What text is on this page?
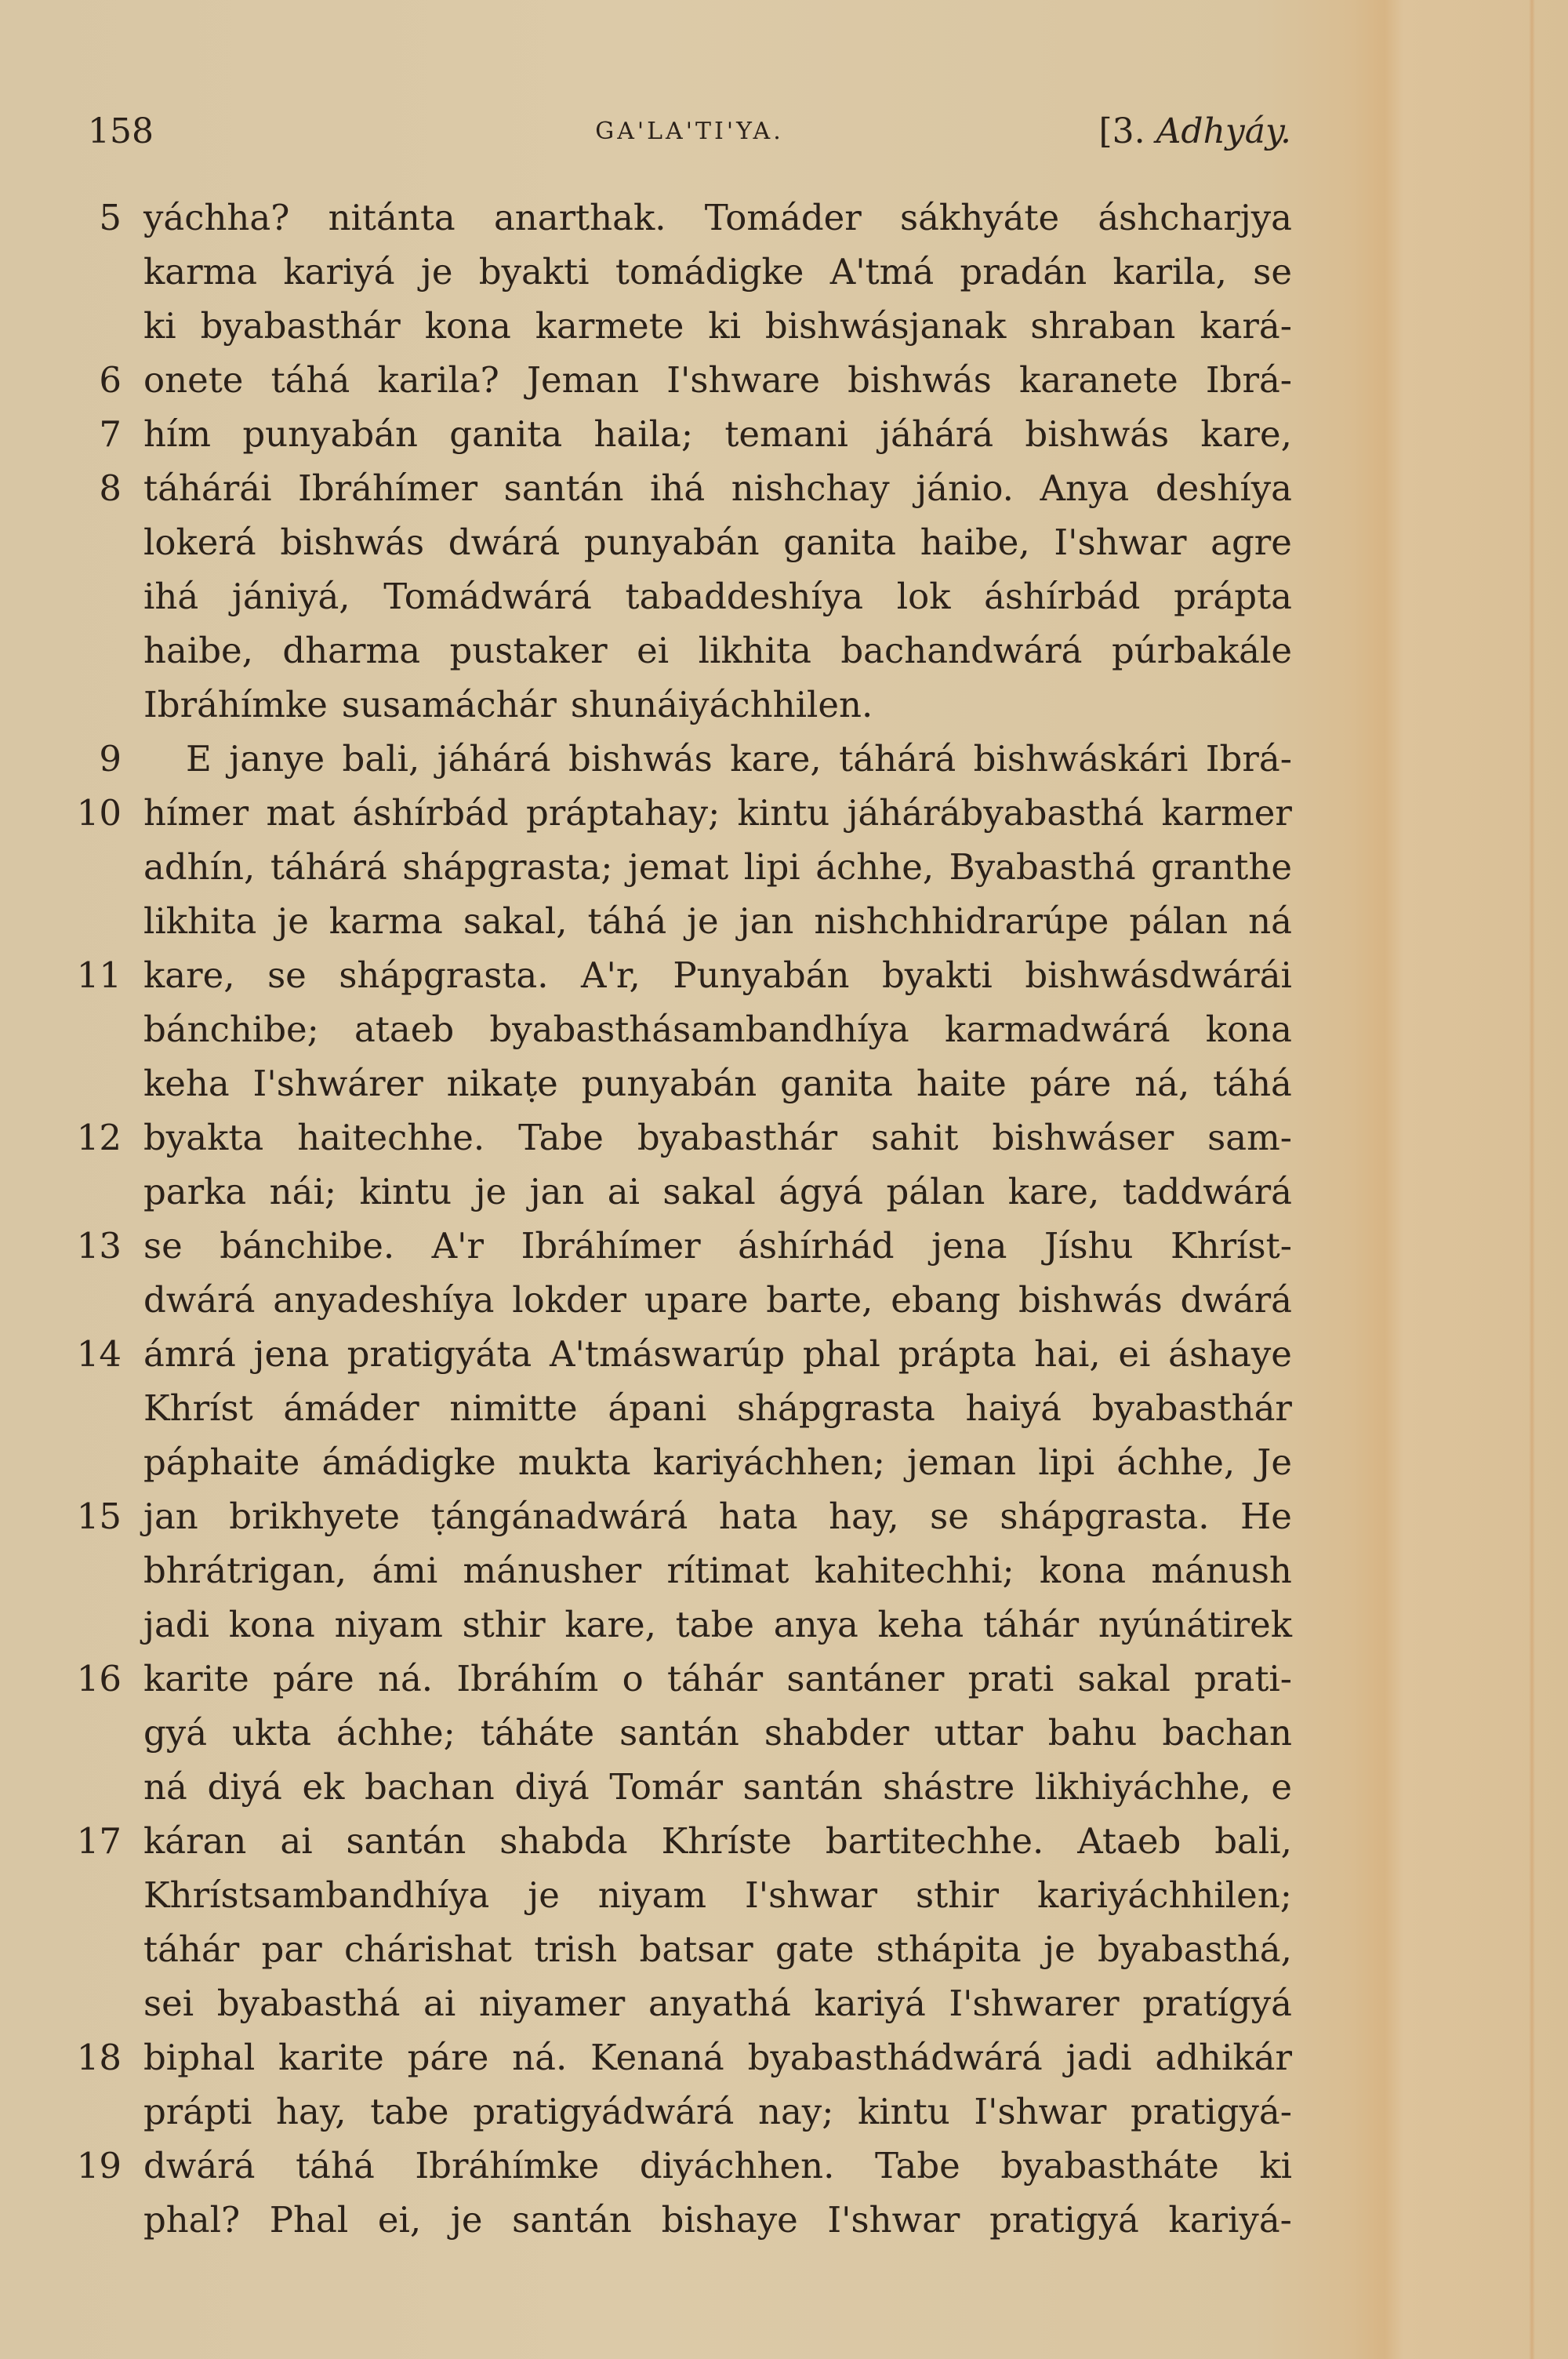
158	GA'LA'TI'YA.	[3. Adhyáy.
5 yáchha? nitánta anarthak. Tomáder sákhyáte áshcharjya
karma kariyá je byakti tomádigke A'tmá pradán karila, se
ki byabasthár kona karmete ki bishwásjanak shraban kará-
6 onete táhá karila? Jeman I'shware bishwás karanete Ibrá-
7 hím punyabán ganita haila; temani jáhárá bishwás kare,
8 táhárái Ibráhímer santán ihá nishchay jánio. Anya deshíya
lokerá bishwás dwárá punyabán ganita haibe, I'shwar agre
ihá jániyá, Tomádwárá tabaddeshíya lok áshírbád prápta
haibe, dharma pustaker ei likhita bachandwárá púrbakále
Ibráhímke susamáchár shunáiyáchhilen.
9 E janye bali, jáhárá bishwás kare, táhárá bishwáskári Ibrá-
10 hímer mat áshírbád práptahay; kintu jáhárábyabasthá karmer
adhín, táhárá shápgrasta; jemat lipi áchhe, Byabasthá granthe
likhita je karma sakal, táhá je jan nishchhidrarúpe pálan ná
11 kare, se shápgrasta. A'r, Punyabán byakti bishwásdwárái
bánchibe; ataeb byabasthásambandhíya karmadwárá kona
keha I'shwárer nikaṭe punyabán ganita haite páre ná, táhá
12 byakta haitechhe. Tabe byabasthár sahit bishwáser sam-
parka nái; kintu je jan ai sakal ágyá pálan kare, taddwárá
13 se bánchibe. A'r Ibráhímer áshírhád jena Jíshu Khríst-
dwárá anyadeshíya lokder upare barte, ebang bishwás dwárá
14 ámrá jena pratigyáta A'tmáswarúp phal prápta hai, ei áshaye
Khríst ámáder nimitte ápani shápgrasta haiyá byabasthár
páphaite ámádigke mukta kariyáchhen; jeman lipi áchhe, Je
15 jan brikhyete ṭángánadwárá hata hay, se shápgrasta. He
bhrátrigan, ámi mánusher rítimat kahitechhi; kona mánush
jadi kona niyam sthir kare, tabe anya keha táhár nyúnátirek
16 karite páre ná. Ibráhím o táhár santáner prati sakal prati-
gyá ukta áchhe; táháte santán shabder uttar bahu bachan
ná diyá ek bachan diyá Tomár santán shástre likhiyáchhe, e
17 káran ai santán shabda Khríste bartitechhe. Ataeb bali,
Khrístsambandhíya je niyam I'shwar sthir kariyáchhilen;
táhár par chárishat trish batsar gate sthápita je byabasthá,
sei byabasthá ai niyamer anyathá kariyá I'shwarer pratígyá
18 biphal karite páre ná. Kenaná byabasthádwárá jadi adhikár
prápti hay, tabe pratigyádwárá nay; kintu I'shwar pratigyá-
19 dwárá táhá Ibráhímke diyáchhen. Tabe byabastháte ki
phal? Phal ei, je santán bishaye I'shwar pratigyá kariyá-
